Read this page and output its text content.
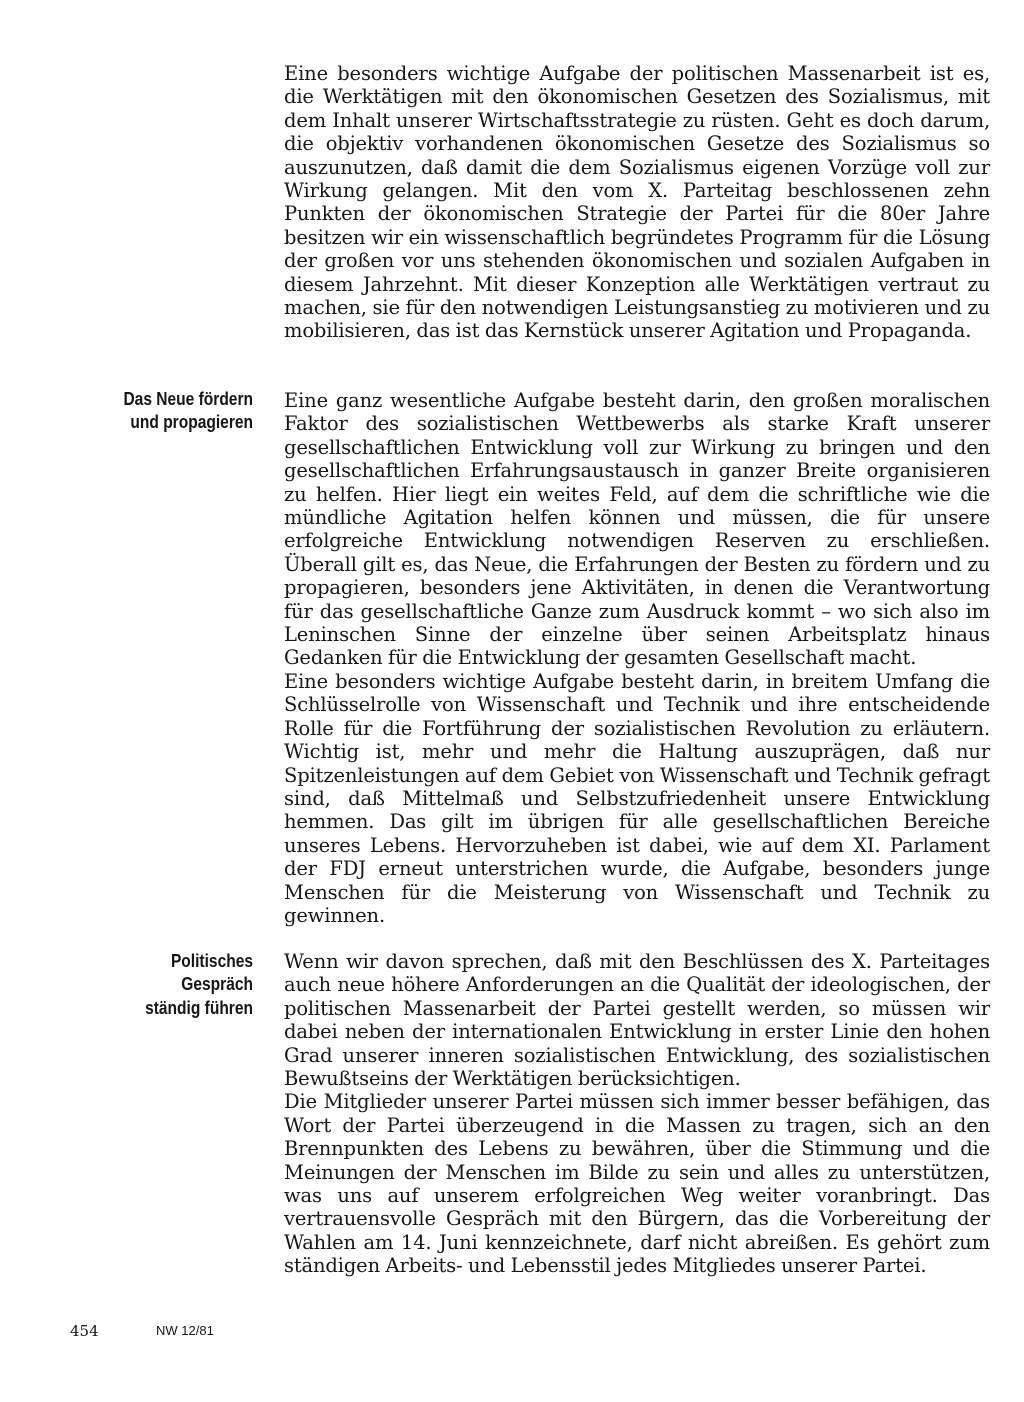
Eine besonders wichtige Aufgabe der politischen Massenarbeit ist es, die Werktätigen mit den ökonomischen Gesetzen des Sozialismus, mit dem Inhalt unserer Wirtschaftsstrategie zu rüsten. Geht es doch darum, die objektiv vorhandenen ökonomischen Gesetze des Sozialismus so auszunutzen, daß damit die dem Sozialismus eigenen Vorzüge voll zur Wirkung gelangen. Mit den vom X. Parteitag beschlossenen zehn Punkten der ökonomischen Strategie der Partei für die 80er Jahre besitzen wir ein wissenschaftlich begründetes Programm für die Lösung der großen vor uns stehenden ökonomischen und sozialen Aufgaben in diesem Jahrzehnt. Mit dieser Konzeption alle Werktätigen vertraut zu machen, sie für den notwendigen Leistungsanstieg zu motivieren und zu mobilisieren, das ist das Kernstück unserer Agitation und Propaganda.

Das Neue fördern
und propagieren

Eine ganz wesentliche Aufgabe besteht darin, den großen moralischen Faktor des sozialistischen Wettbewerbs als starke Kraft unserer gesellschaftlichen Entwicklung voll zur Wirkung zu bringen und den gesellschaftlichen Erfahrungsaustausch in ganzer Breite organisieren zu helfen. Hier liegt ein weites Feld, auf dem die schriftliche wie die mündliche Agitation helfen können und müssen, die für unsere erfolgreiche Entwicklung notwendigen Reserven zu erschließen. Überall gilt es, das Neue, die Erfahrungen der Besten zu fördern und zu propagieren, besonders jene Aktivitäten, in denen die Verantwortung für das gesellschaftliche Ganze zum Ausdruck kommt – wo sich also im Leninschen Sinne der einzelne über seinen Arbeitsplatz hinaus Gedanken für die Entwicklung der gesamten Gesellschaft macht.

Eine besonders wichtige Aufgabe besteht darin, in breitem Umfang die Schlüsselrolle von Wissenschaft und Technik und ihre entscheidende Rolle für die Fortführung der sozialistischen Revolution zu erläutern. Wichtig ist, mehr und mehr die Haltung auszuprägen, daß nur Spitzenleistungen auf dem Gebiet von Wissenschaft und Technik gefragt sind, daß Mittelmaß und Selbstzufriedenheit unsere Entwicklung hemmen. Das gilt im übrigen für alle gesellschaftlichen Bereiche unseres Lebens. Hervorzuheben ist dabei, wie auf dem XI. Parlament der FDJ erneut unterstrichen wurde, die Aufgabe, besonders junge Menschen für die Meisterung von Wissenschaft und Technik zu gewinnen.

Politisches
Gespräch
ständig führen

Wenn wir davon sprechen, daß mit den Beschlüssen des X. Parteitages auch neue höhere Anforderungen an die Qualität der ideologischen, der politischen Massenarbeit der Partei gestellt werden, so müssen wir dabei neben der internationalen Entwicklung in erster Linie den hohen Grad unserer inneren sozialistischen Entwicklung, des sozialistischen Bewußtseins der Werktätigen berücksichtigen.

Die Mitglieder unserer Partei müssen sich immer besser befähigen, das Wort der Partei überzeugend in die Massen zu tragen, sich an den Brennpunkten des Lebens zu bewähren, über die Stimmung und die Meinungen der Menschen im Bilde zu sein und alles zu unterstützen, was uns auf unserem erfolgreichen Weg weiter voranbringt. Das vertrauensvolle Gespräch mit den Bürgern, das die Vorbereitung der Wahlen am 14. Juni kennzeichnete, darf nicht abreißen. Es gehört zum ständigen Arbeits- und Lebensstil jedes Mitgliedes unserer Partei.

454	NW 12/81
